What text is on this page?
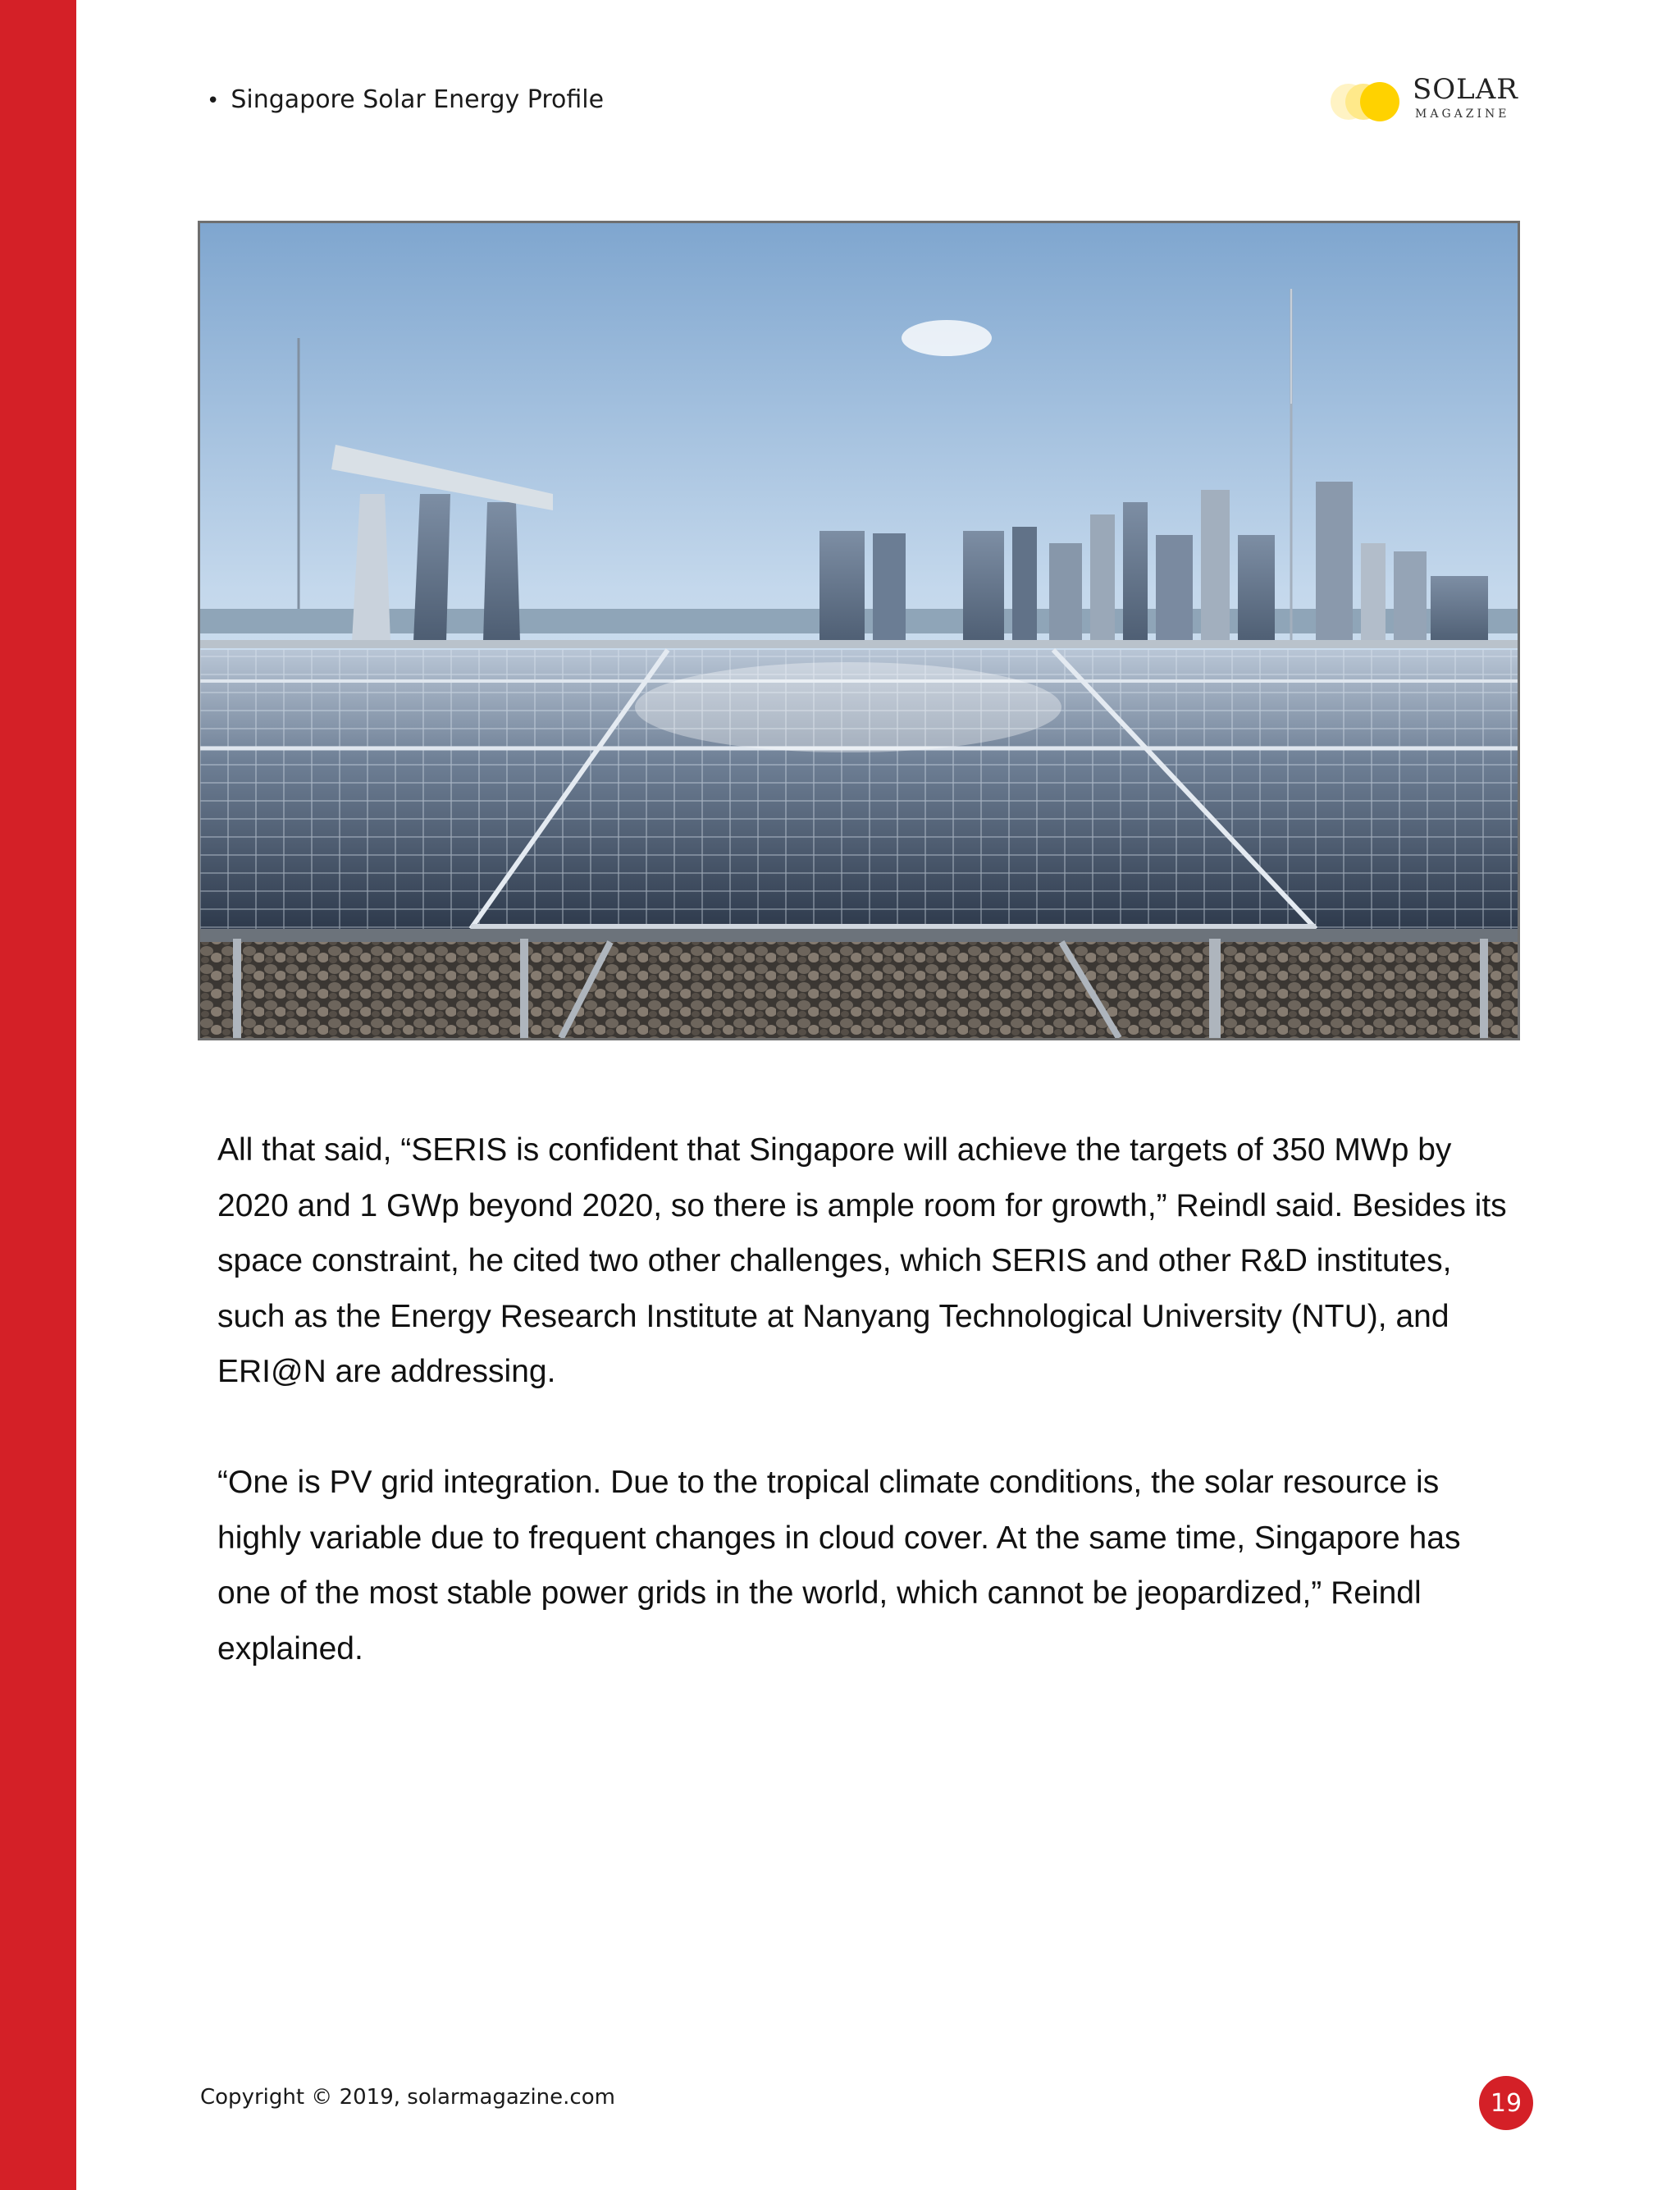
• Singapore Solar Energy Profile	SOLAR
MAGAZINE

All that said, “SERIS is confident that Singapore will achieve the targets of 350 MWp by 2020 and 1 GWp beyond 2020, so there is ample room for growth,” Reindl said. Besides its space constraint, he cited two other challenges, which SERIS and other R&D institutes, such as the Energy Research Institute at Nanyang Technological University (NTU), and ERI@N are addressing.

“One is PV grid integration. Due to the tropical climate conditions, the solar resource is highly variable due to frequent changes in cloud cover. At the same time, Singapore has one of the most stable power grids in the world, which cannot be jeopardized,” Reindl explained.

Copyright © 2019, solarmagazine.com	19
